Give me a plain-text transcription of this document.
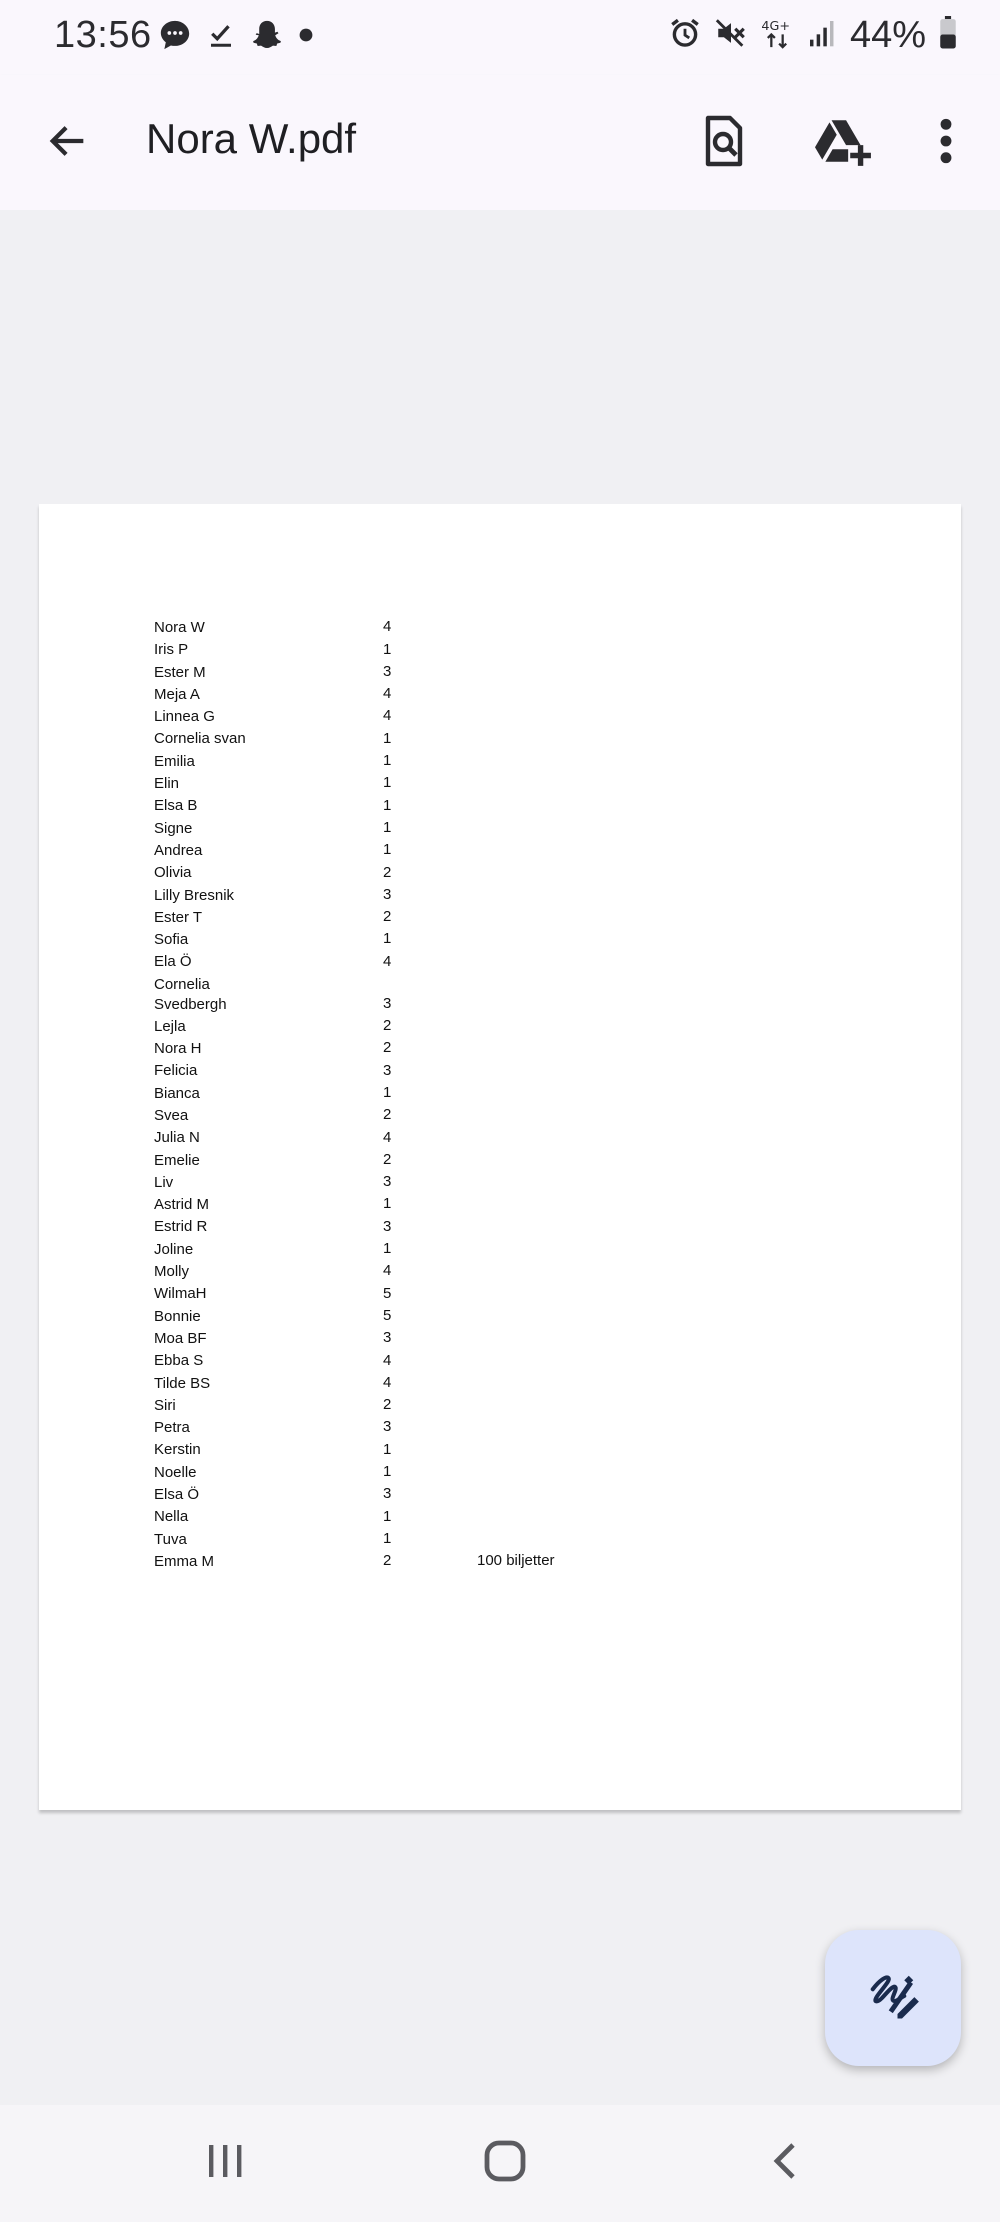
13:56	4G+ 44%
Nora W.pdf
Nora W	4
Iris P	1
Ester M	3
Meja A	4
Linnea G	4
Cornelia svan	1
Emilia	1
Elin	1
Elsa B	1
Signe	1
Andrea	1
Olivia	2
Lilly Bresnik	3
Ester T	2
Sofia	1
Ela Ö	4
Cornelia
Svedbergh	3
Lejla	2
Nora H	2
Felicia	3
Bianca	1
Svea	2
Julia N	4
Emelie	2
Liv	3
Astrid M	1
Estrid R	3
Joline	1
Molly	4
WilmaH	5
Bonnie	5
Moa BF	3
Ebba S	4
Tilde BS	4
Siri	2
Petra	3
Kerstin	1
Noelle	1
Elsa Ö	3
Nella	1
Tuva	1
Emma M	2	100 biljetter
